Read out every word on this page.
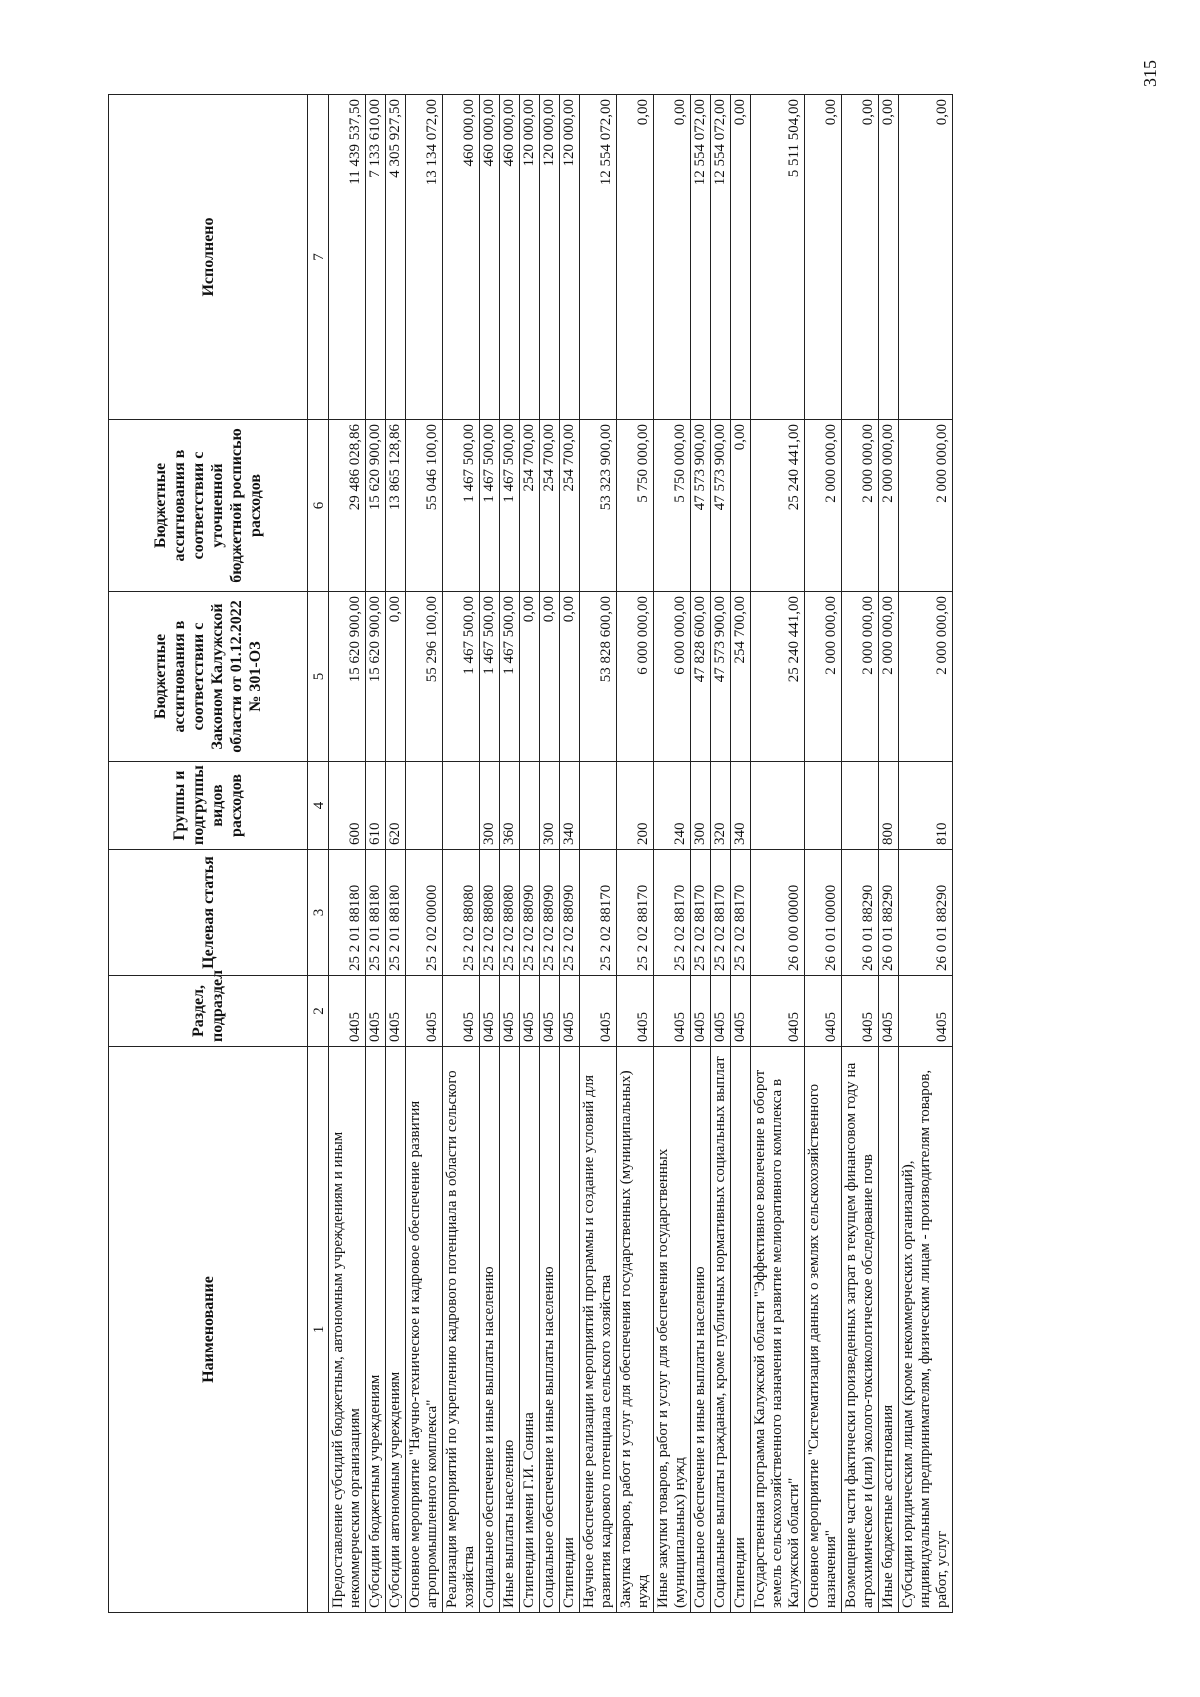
Наименование	Раздел, подраздел	Целевая статья	Группы и подгруппы видов расходов	Бюджетные ассигнования в соответствии с Законом Калужской области от 01.12.2022 № 301-ОЗ	Бюджетные ассигнования в соответствии с уточненной бюджетной росписью расходов	Исполнено
1	2	3	4	5	6	7
Предоставление субсидий бюджетным, автономным учреждениям и иным некоммерческим организациям	0405	25 2 01 88180	600	15 620 900,00	29 486 028,86	11 439 537,50
Субсидии бюджетным учреждениям	0405	25 2 01 88180	610	15 620 900,00	15 620 900,00	7 133 610,00
Субсидии автономным учреждениям	0405	25 2 01 88180	620	0,00	13 865 128,86	4 305 927,50
Основное мероприятие "Научно-техническое и кадровое обеспечение развития агропромышленного комплекса"	0405	25 2 02 00000		55 296 100,00	55 046 100,00	13 134 072,00
Реализация мероприятий по укреплению кадрового потенциала в области сельского хозяйства	0405	25 2 02 88080		1 467 500,00	1 467 500,00	460 000,00
Социальное обеспечение и иные выплаты населению	0405	25 2 02 88080	300	1 467 500,00	1 467 500,00	460 000,00
Иные выплаты населению	0405	25 2 02 88080	360	1 467 500,00	1 467 500,00	460 000,00
Стипендии имени Г.И. Сонина	0405	25 2 02 88090		0,00	254 700,00	120 000,00
Социальное обеспечение и иные выплаты населению	0405	25 2 02 88090	300	0,00	254 700,00	120 000,00
Стипендии	0405	25 2 02 88090	340	0,00	254 700,00	120 000,00
Научное обеспечение реализации мероприятий программы и создание условий для развития кадрового потенциала сельского хозяйства	0405	25 2 02 88170		53 828 600,00	53 323 900,00	12 554 072,00
Закупка товаров, работ и услуг для обеспечения государственных (муниципальных) нужд	0405	25 2 02 88170	200	6 000 000,00	5 750 000,00	0,00
Иные закупки товаров, работ и услуг для обеспечения государственных (муниципальных) нужд	0405	25 2 02 88170	240	6 000 000,00	5 750 000,00	0,00
Социальное обеспечение и иные выплаты населению	0405	25 2 02 88170	300	47 828 600,00	47 573 900,00	12 554 072,00
Социальные выплаты гражданам, кроме публичных нормативных социальных выплат	0405	25 2 02 88170	320	47 573 900,00	47 573 900,00	12 554 072,00
Стипендии	0405	25 2 02 88170	340	254 700,00	0,00	0,00
Государственная программа Калужской области "Эффективное вовлечение в оборот земель сельскохозяйственного назначения и развитие мелиоративного комплекса в Калужской области"	0405	26 0 00 00000		25 240 441,00	25 240 441,00	5 511 504,00
Основное мероприятие "Систематизация данных о землях сельскохозяйственного назначения"	0405	26 0 01 00000		2 000 000,00	2 000 000,00	0,00
Возмещение части фактически произведенных затрат в текущем финансовом году на агрохимическое и (или) эколого-токсикологическое обследование почв	0405	26 0 01 88290		2 000 000,00	2 000 000,00	0,00
Иные бюджетные ассигнования	0405	26 0 01 88290	800	2 000 000,00	2 000 000,00	0,00
Субсидии юридическим лицам (кроме некоммерческих организаций), индивидуальным предпринимателям, физическим лицам - производителям товаров, работ, услуг	0405	26 0 01 88290	810	2 000 000,00	2 000 000,00	0,00
315
